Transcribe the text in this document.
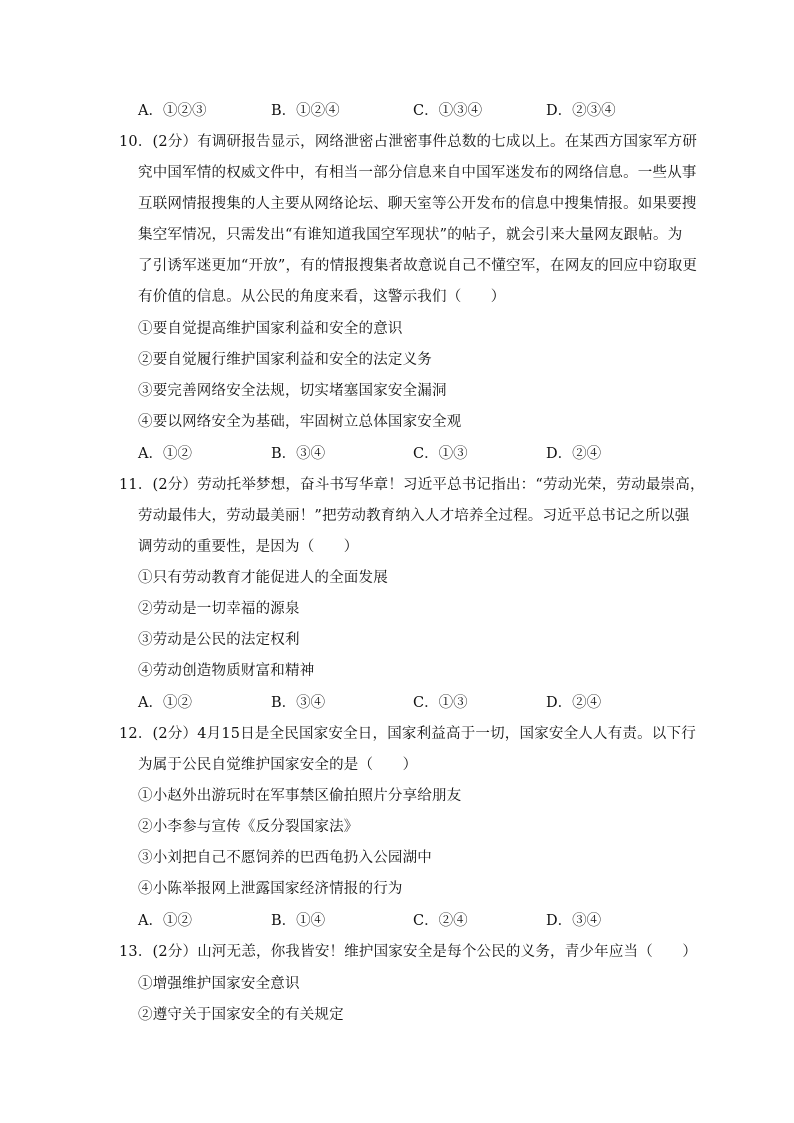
A．①②③	B．①②④	C．①③④	D．②③④
10．(2分）有调研报告显示，网络泄密占泄密事件总数的七成以上。在某西方国家军方研
究中国军情的权威文件中，有相当一部分信息来自中国军迷发布的网络信息。一些从事
互联网情报搜集的人主要从网络论坛、聊天室等公开发布的信息中搜集情报。如果要搜
集空军情况，只需发出“有谁知道我国空军现状”的帖子，就会引来大量网友跟帖。为
了引诱军迷更加“开放”，有的情报搜集者故意说自己不懂空军，在网友的回应中窃取更
有价值的信息。从公民的角度来看，这警示我们（　　）
①要自觉提高维护国家利益和安全的意识
②要自觉履行维护国家利益和安全的法定义务
③要完善网络安全法规，切实堵塞国家安全漏洞
④要以网络安全为基础，牢固树立总体国家安全观
A．①②	B．③④	C．①③	D．②④
11．(2分）劳动托举梦想，奋斗书写华章！习近平总书记指出：“劳动光荣，劳动最崇高，
劳动最伟大，劳动最美丽！”把劳动教育纳入人才培养全过程。习近平总书记之所以强
调劳动的重要性，是因为（　　）
①只有劳动教育才能促进人的全面发展
②劳动是一切幸福的源泉
③劳动是公民的法定权利
④劳动创造物质财富和精神
A．①②	B．③④	C．①③	D．②④
12．(2分）4月15日是全民国家安全日，国家利益高于一切，国家安全人人有责。以下行
为属于公民自觉维护国家安全的是（　　）
①小赵外出游玩时在军事禁区偷拍照片分享给朋友
②小李参与宣传《反分裂国家法》
③小刘把自己不愿饲养的巴西龟扔入公园湖中
④小陈举报网上泄露国家经济情报的行为
A．①②	B．①④	C．②④	D．③④
13．(2分）山河无恙，你我皆安！维护国家安全是每个公民的义务，青少年应当（　　）
①增强维护国家安全意识
②遵守关于国家安全的有关规定
